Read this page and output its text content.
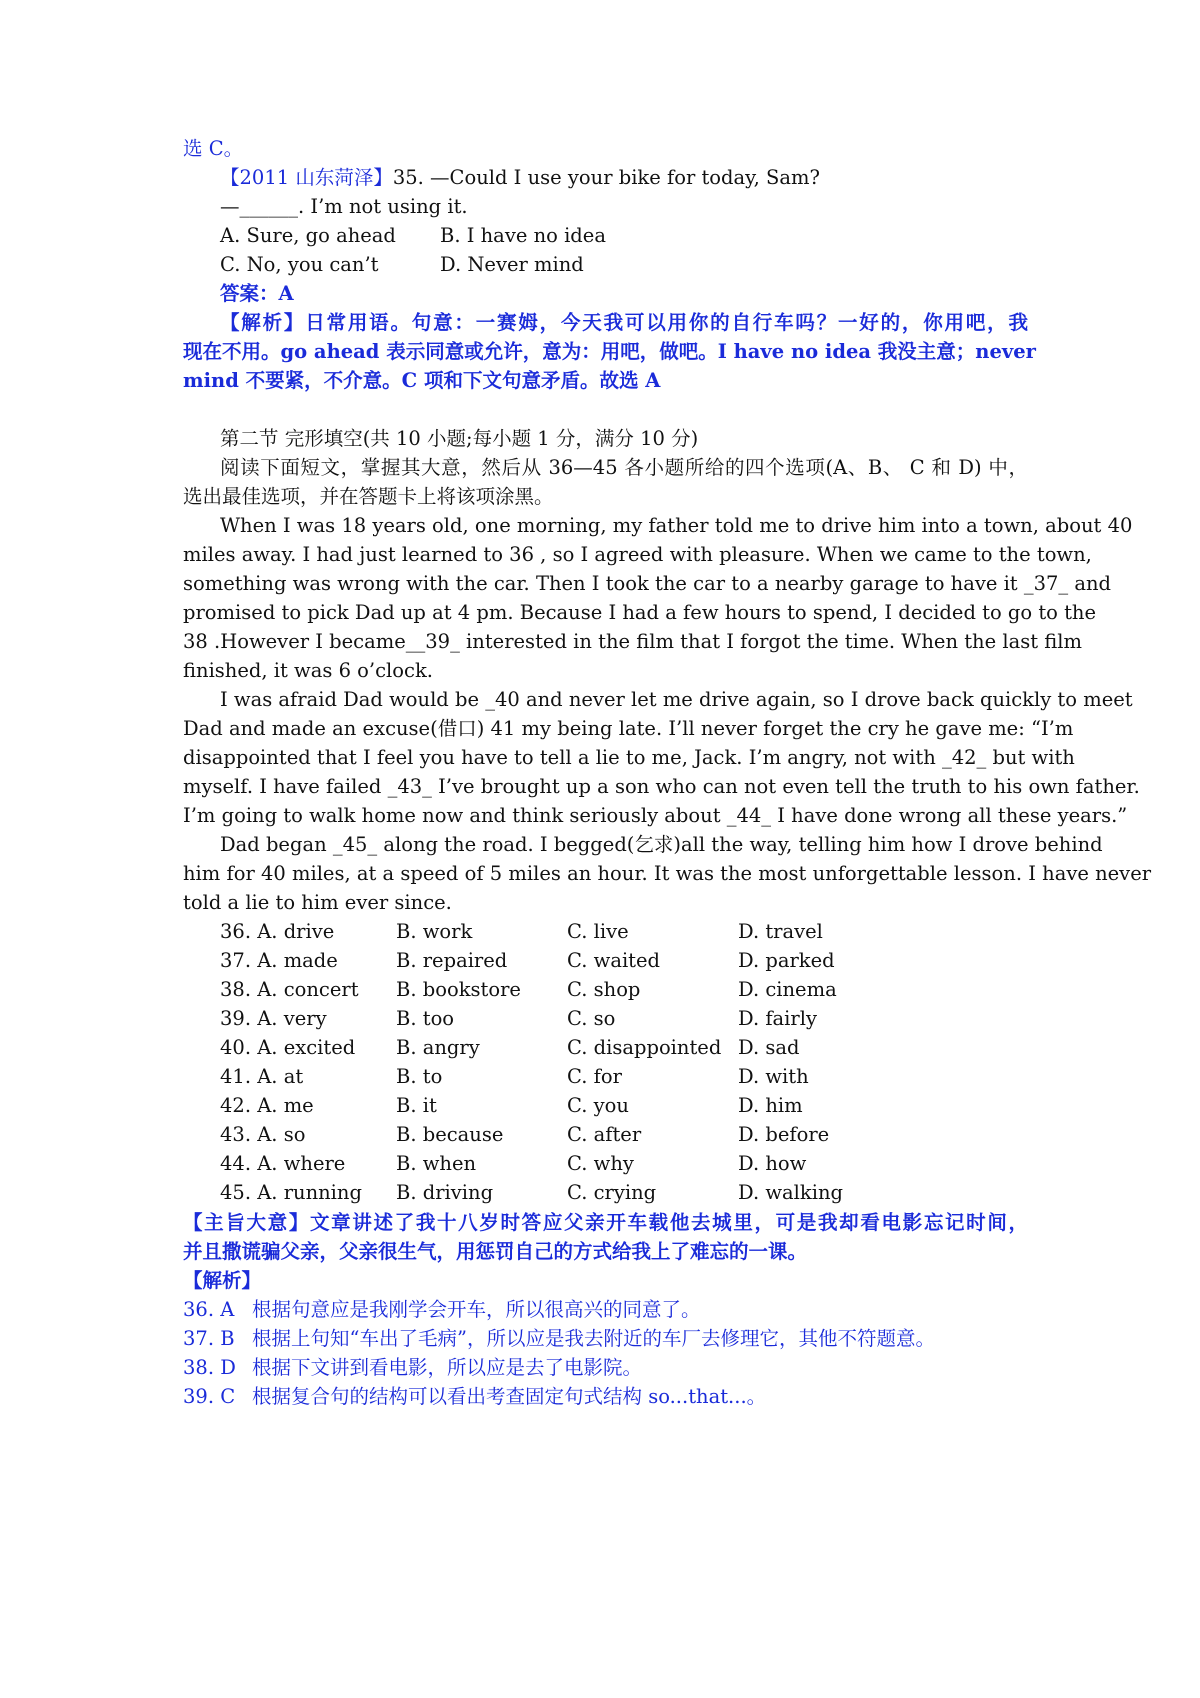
选 C。
【2011 山东菏泽】35. —Could I use your bike for today, Sam?
—______. I’m not using it.
A. Sure, go ahead B. I have no idea
C. No, you can’t	D. Never mind
答案：A
【解析】日常用语。句意：一赛姆，今天我可以用你的自行车吗？一好的，你用吧，我
现在不用。go ahead 表示同意或允许，意为：用吧，做吧。I have no idea 我没主意；never
mind 不要紧，不介意。C 项和下文句意矛盾。故选 A
第二节 完形填空(共 10 小题;每小题 1 分，满分 10 分)
阅读下面短文，掌握其大意，然后从 36—45 各小题所给的四个选项(A、B、 C 和 D) 中，
选出最佳选项，并在答题卡上将该项涂黑。
When I was 18 years old, one morning, my father told me to drive him into a town, about 40
miles away. I had just learned to 36 , so I agreed with pleasure. When we came to the town,
something was wrong with the car. Then I took the car to a nearby garage to have it _37_ and
promised to pick Dad up at 4 pm. Because I had a few hours to spend, I decided to go to the
38 .However I became__39_ interested in the film that I forgot the time. When the last film
finished, it was 6 o’clock.
I was afraid Dad would be _40 and never let me drive again, so I drove back quickly to meet
Dad and made an excuse(借口) 41 my being late. I’ll never forget the cry he gave me: “I’m
disappointed that I feel you have to tell a lie to me, Jack. I’m angry, not with _42_ but with
myself. I have failed _43_ I’ve brought up a son who can not even tell the truth to his own father.
I’m going to walk home now and think seriously about _44_ I have done wrong all these years.”
Dad began _45_ along the road. I begged(乞求)all the way, telling him how I drove behind
him for 40 miles, at a speed of 5 miles an hour. It was the most unforgettable lesson. I have never
told a lie to him ever since.
36. A. drive	B. work	C. live	D. travel
37. A. made	B. repaired	C. waited	D. parked
38. A. concert B. bookstore C. shop	D. cinema
39. A. very	B. too	C. so	D. fairly
40. A. excited B. angry	C. disappointed D. sad
41. A. at	B. to	C. for	D. with
42. A. me	B. it	C. you	D. him
43. A. so	B. because	C. after	D. before
44. A. where	B. when	C. why	D. how
45. A. running B. driving	C. crying	D. walking
【主旨大意】文章讲述了我十八岁时答应父亲开车载他去城里，可是我却看电影忘记时间，
并且撒谎骗父亲，父亲很生气，用惩罚自己的方式给我上了难忘的一课。
【解析】
36. A 根据句意应是我刚学会开车，所以很高兴的同意了。
37. B 根据上句知“车出了毛病”，所以应是我去附近的车厂去修理它，其他不符题意。
38. D 根据下文讲到看电影，所以应是去了电影院。
39. C 根据复合句的结构可以看出考查固定句式结构 so...that...。
